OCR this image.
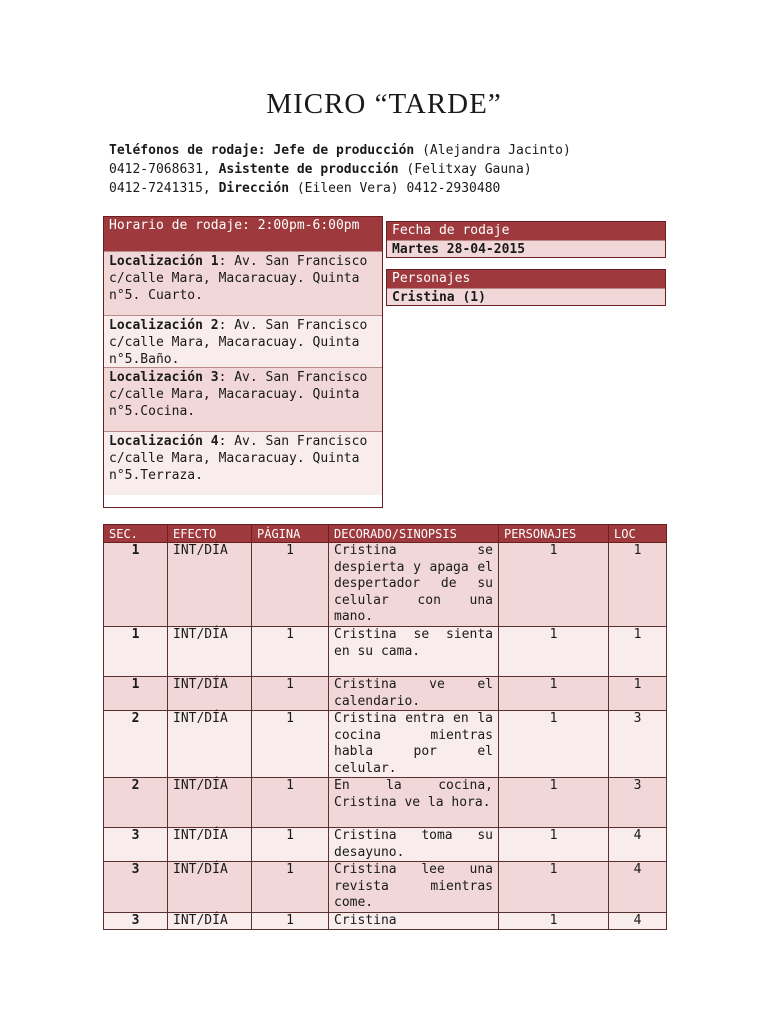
MICRO “TARDE”
Teléfonos de rodaje: Jefe de producción (Alejandra Jacinto)
0412-7068631, Asistente de producción (Felitxay Gauna)
0412-7241315, Dirección (Eileen Vera) 0412-2930480
Horario de rodaje: 2:00pm-6:00pm
Localización 1: Av. San Francisco c/calle Mara, Macaracuay. Quinta n°5. Cuarto.
Localización 2: Av. San Francisco c/calle Mara, Macaracuay. Quinta n°5.Baño.
Localización 3: Av. San Francisco c/calle Mara, Macaracuay. Quinta n°5.Cocina.
Localización 4: Av. San Francisco c/calle Mara, Macaracuay. Quinta n°5.Terraza.
Fecha de rodaje
Martes 28-04-2015
Personajes
Cristina (1)
SEC.	EFECTO	PÁGINA	DECORADO/SINOPSIS	PERSONAJES	LOC
1	INT/DÍA	1	Cristina se despierta y apaga el despertador de su celular con una mano.	1	1
1	INT/DÍA	1	Cristina se sienta en su cama.	1	1
1	INT/DÍA	1	Cristina ve el calendario.	1	1
2	INT/DÍA	1	Cristina entra en la cocina mientras habla por el celular.	1	3
2	INT/DÍA	1	En la cocina, Cristina ve la hora.	1	3
3	INT/DÍA	1	Cristina toma su desayuno.	1	4
3	INT/DÍA	1	Cristina lee una revista mientras come.	1	4
3	INT/DÍA	1	Cristina	1	4
